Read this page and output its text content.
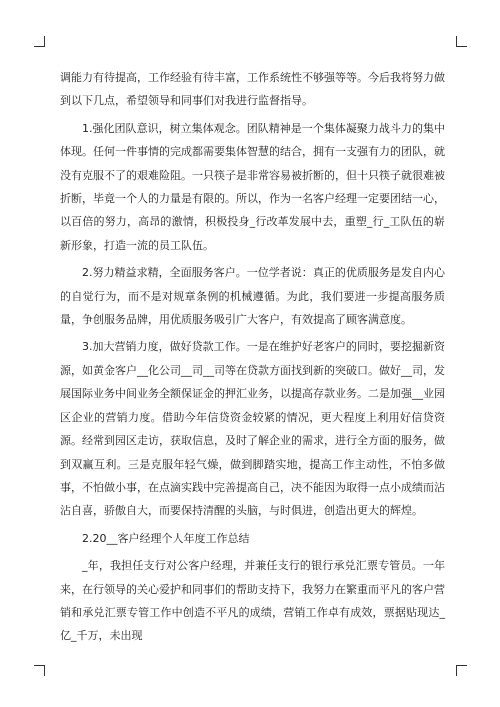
调能力有待提高，工作经验有待丰富，工作系统性不够强等等。今后我将努力做到以下几点，希望领导和同事们对我进行监督指导。

1.强化团队意识，树立集体观念。团队精神是一个集体凝聚力战斗力的集中体现。任何一件事情的完成都需要集体智慧的结合，拥有一支强有力的团队，就没有克服不了的艰难险阻。一只筷子是非常容易被折断的，但十只筷子就很难被折断，毕竟一个人的力量是有限的。所以，作为一名客户经理一定要团结一心，以百倍的努力，高昂的激情，积极投身_行改革发展中去，重塑_行_工队伍的崭新形象，打造一流的员工队伍。

2.努力精益求精，全面服务客户。一位学者说：真正的优质服务是发自内心的自觉行为，而不是对规章条例的机械遵循。为此，我们要进一步提高服务质量，争创服务品牌，用优质服务吸引广大客户，有效提高了顾客满意度。

3.加大营销力度，做好贷款工作。一是在维护好老客户的同时，要挖掘新资源，如黄金客户__化公司__司__司等在贷款方面找到新的突破口。做好__司，发展国际业务中间业务全额保证金的押汇业务，以提高存款业务。二是加强__业园区企业的营销力度。借助今年信贷资金较紧的情况，更大程度上利用好信贷资源。经常到园区走访，获取信息，及时了解企业的需求，进行全方面的服务，做到双赢互利。三是克服年轻气燥，做到脚踏实地，提高工作主动性，不怕多做事，不怕做小事，在点滴实践中完善提高自己，决不能因为取得一点小成绩而沾沾自喜，骄傲自大，而要保持清醒的头脑，与时俱进，创造出更大的辉煌。

2.20__客户经理个人年度工作总结

_年，我担任支行对公客户经理，并兼任支行的银行承兑汇票专管员。一年来，在行领导的关心爱护和同事们的帮助支持下，我努力在繁重而平凡的客户营销和承兑汇票专管工作中创造不平凡的成绩，营销工作卓有成效，票据贴现达_亿_千万，未出现
